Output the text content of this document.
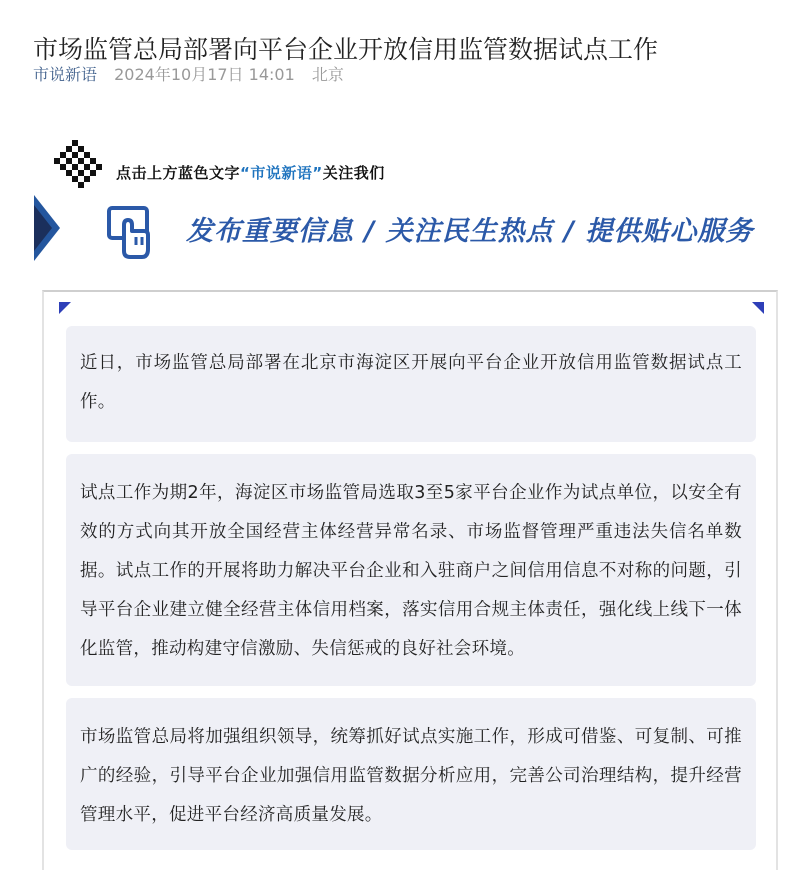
市场监管总局部署向平台企业开放信用监管数据试点工作
市说新语 2024年10月17日 14:01 北京
点击上方蓝色文字“市说新语”关注我们
发布重要信息 / 关注民生热点 / 提供贴心服务
近日，市场监管总局部署在北京市海淀区开展向平台企业开放信用监管数据试点工作。
试点工作为期2年，海淀区市场监管局选取3至5家平台企业作为试点单位，以安全有效的方式向其开放全国经营主体经营异常名录、市场监督管理严重违法失信名单数据。试点工作的开展将助力解决平台企业和入驻商户之间信用信息不对称的问题，引导平台企业建立健全经营主体信用档案，落实信用合规主体责任，强化线上线下一体化监管，推动构建守信激励、失信惩戒的良好社会环境。
市场监管总局将加强组织领导，统筹抓好试点实施工作，形成可借鉴、可复制、可推广的经验，引导平台企业加强信用监管数据分析应用，完善公司治理结构，提升经营管理水平，促进平台经济高质量发展。
